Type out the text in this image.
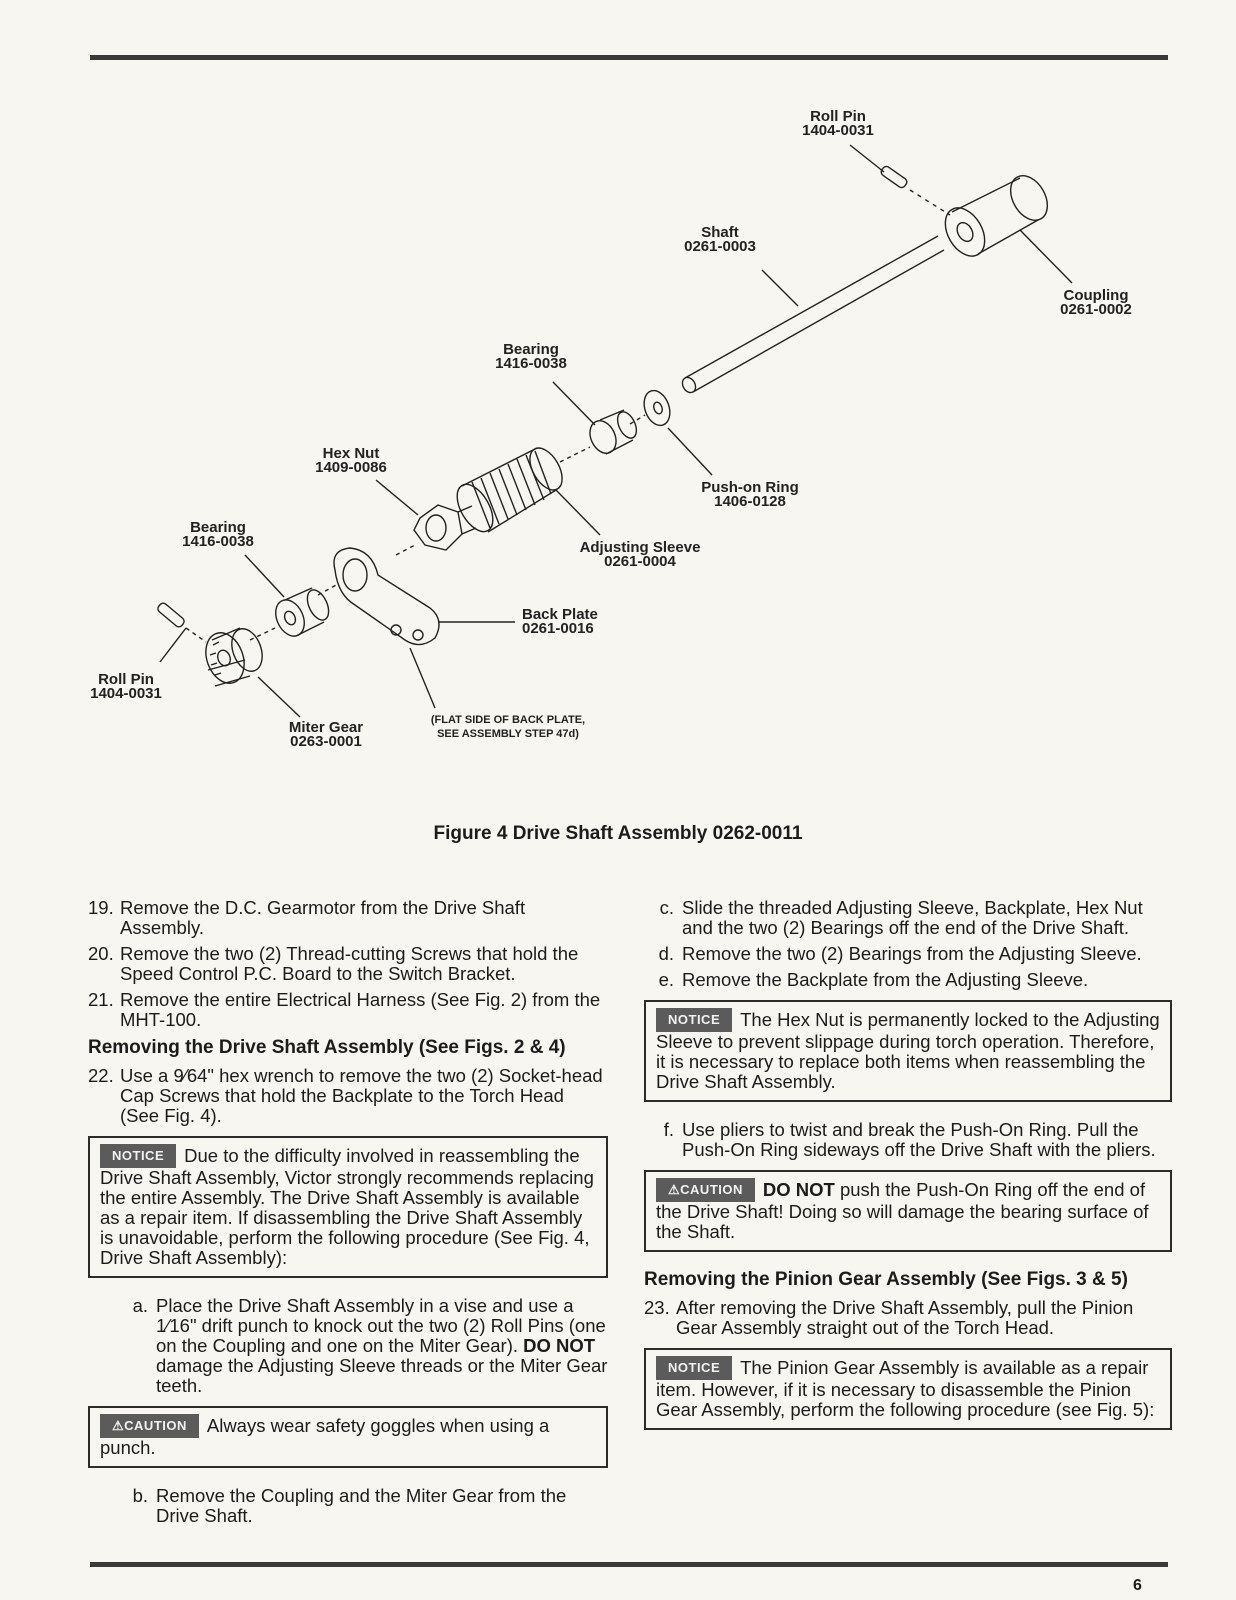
Roll Pin
1404-0031
Shaft
0261-0003
Coupling
0261-0002
Bearing
1416-0038
Hex Nut
1409-0086
Push-on Ring
1406-0128
Bearing
1416-0038	Adjusting Sleeve
0261-0004
Back Plate
0261-0016
Roll Pin
1404-0031
Miter Gear
0263-0001
(FLAT SIDE OF BACK PLATE,
SEE ASSEMBLY STEP 47d)
Figure 4 Drive Shaft Assembly 0262-0011
19. Remove the D.C. Gearmotor from the Drive Shaft Assembly.
20. Remove the two (2) Thread-cutting Screws that hold the Speed Control P.C. Board to the Switch Bracket.
21. Remove the entire Electrical Harness (See Fig. 2) from the MHT-100.
Removing the Drive Shaft Assembly (See Figs. 2 & 4)
22. Use a 9⁄64" hex wrench to remove the two (2) Socket-head Cap Screws that hold the Backplate to the Torch Head (See Fig. 4).
NOTICE Due to the difficulty involved in reassembling the Drive Shaft Assembly, Victor strongly recommends replacing the entire Assembly. The Drive Shaft Assembly is available as a repair item. If disassembling the Drive Shaft Assembly is unavoidable, perform the following procedure (See Fig. 4, Drive Shaft Assembly):
a. Place the Drive Shaft Assembly in a vise and use a 1⁄16" drift punch to knock out the two (2) Roll Pins (one on the Coupling and one on the Miter Gear). DO NOT damage the Adjusting Sleeve threads or the Miter Gear teeth.
⚠CAUTION Always wear safety goggles when using a punch.
b. Remove the Coupling and the Miter Gear from the Drive Shaft.
c. Slide the threaded Adjusting Sleeve, Backplate, Hex Nut and the two (2) Bearings off the end of the Drive Shaft.
d. Remove the two (2) Bearings from the Adjusting Sleeve.
e. Remove the Backplate from the Adjusting Sleeve.
NOTICE The Hex Nut is permanently locked to the Adjusting Sleeve to prevent slippage during torch operation. Therefore, it is necessary to replace both items when reassembling the Drive Shaft Assembly.
f. Use pliers to twist and break the Push-On Ring. Pull the Push-On Ring sideways off the Drive Shaft with the pliers.
⚠CAUTION DO NOT push the Push-On Ring off the end of the Drive Shaft! Doing so will damage the bearing surface of the Shaft.
Removing the Pinion Gear Assembly (See Figs. 3 & 5)
23. After removing the Drive Shaft Assembly, pull the Pinion Gear Assembly straight out of the Torch Head.
NOTICE The Pinion Gear Assembly is available as a repair item. However, if it is necessary to disassemble the Pinion Gear Assembly, perform the following procedure (see Fig. 5):
6
